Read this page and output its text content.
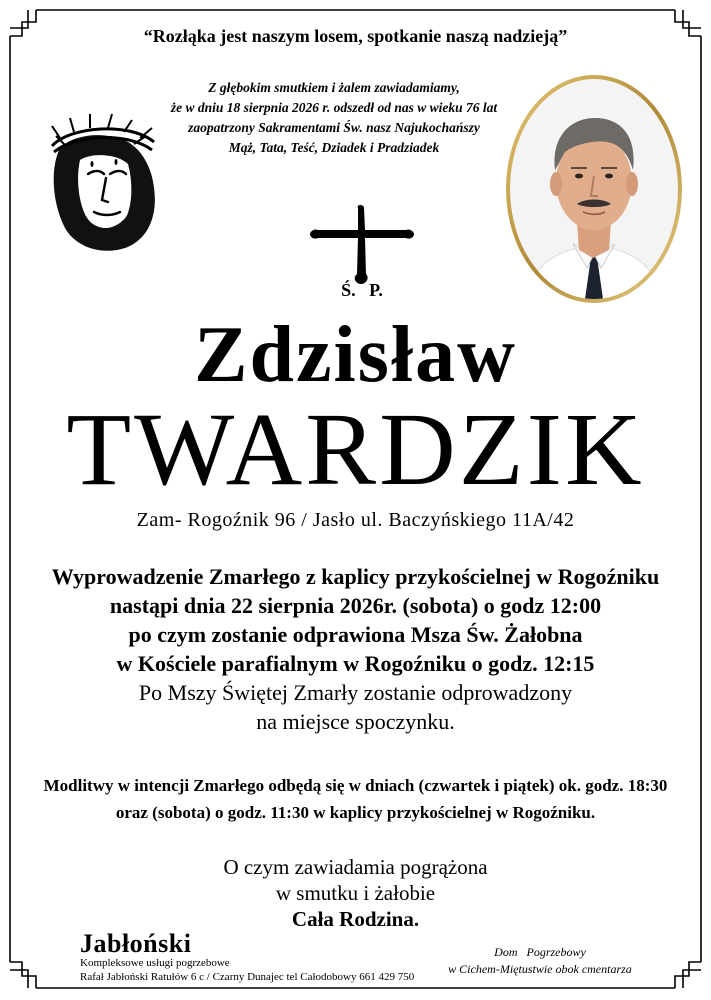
“Rozłąka jest naszym losem, spotkanie naszą nadzieją”
Z głębokim smutkiem i żalem zawiadamiamy,
że w dniu 18 sierpnia 2026 r. odszedł od nas w wieku 76 lat
zaopatrzony Sakramentami Św. nasz Najukochańszy
Mąż, Tata, Teść, Dziadek i Pradziadek
Ś.   P.
Zdzisław
TWARDZIK
Zam- Rogoźnik 96 / Jasło ul. Baczyńskiego 11A/42
Wyprowadzenie Zmarłego z kaplicy przykościelnej w Rogoźniku
nastąpi dnia 22 sierpnia 2026r. (sobota) o godz 12:00
po czym zostanie odprawiona Msza Św. Żałobna
w Kościele parafialnym w Rogoźniku o godz. 12:15
Po Mszy Świętej Zmarły zostanie odprowadzony
na miejsce spoczynku.
Modlitwy w intencji Zmarłego odbędą się w dniach (czwartek i piątek) ok. godz. 18:30
oraz (sobota) o godz. 11:30 w kaplicy przykościelnej w Rogoźniku.
O czym zawiadamia pogrążona
w smutku i żałobie
Cała Rodzina.
Jabłoński
Kompleksowe usługi pogrzebowe
Rafał Jabłoński Ratułów 6 c / Czarny Dunajec tel Całodobowy 661 429 750
Dom   Pogrzebowy
w Cichem-Miętustwie obok cmentarza
